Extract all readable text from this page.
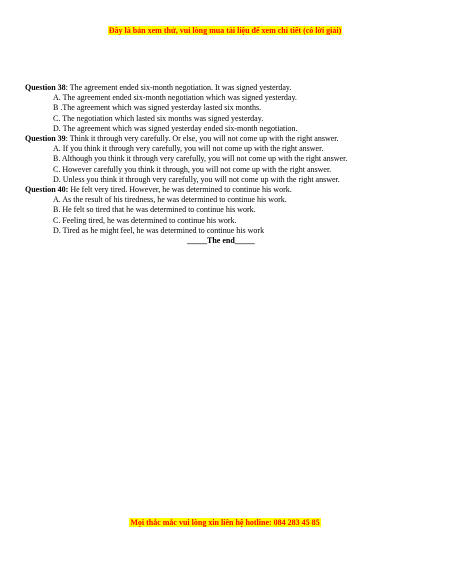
Đây là bản xem thử, vui lòng mua tài liệu để xem chi tiết (có lời giải)
Question 38: The agreement ended six-month negotiation. It was signed yesterday.
A. The agreement ended six-month negotiation which was signed yesterday.
B .The agreement which was signed yesterday lasted six months.
C. The negotiation which lasted six months was signed yesterday.
D. The agreement which was signed yesterday ended six-month negotiation.
Question 39: Think it through very carefully. Or else, you will not come up with the right answer.
A. If you think it through very carefully, you will not come up with the right answer.
B. Although you think it through very carefully, you will not come up with the right answer.
C. However carefully you think it through, you will not come up with the right answer.
D. Unless you think it through very carefully, you will not come up with the right answer.
Question 40: He felt very tired. However, he was determined to continue his work.
A. As the result of his tiredness, he was determined to continue his work.
B. He felt so tired that he was determined to continue his work.
C. Feeling tired, he was determined to continue his work.
D. Tired as he might feel, he was determined to continue his work
_____The end_____
Mọi thắc mắc vui lòng xin liên hệ hotline: 084 283 45 85
